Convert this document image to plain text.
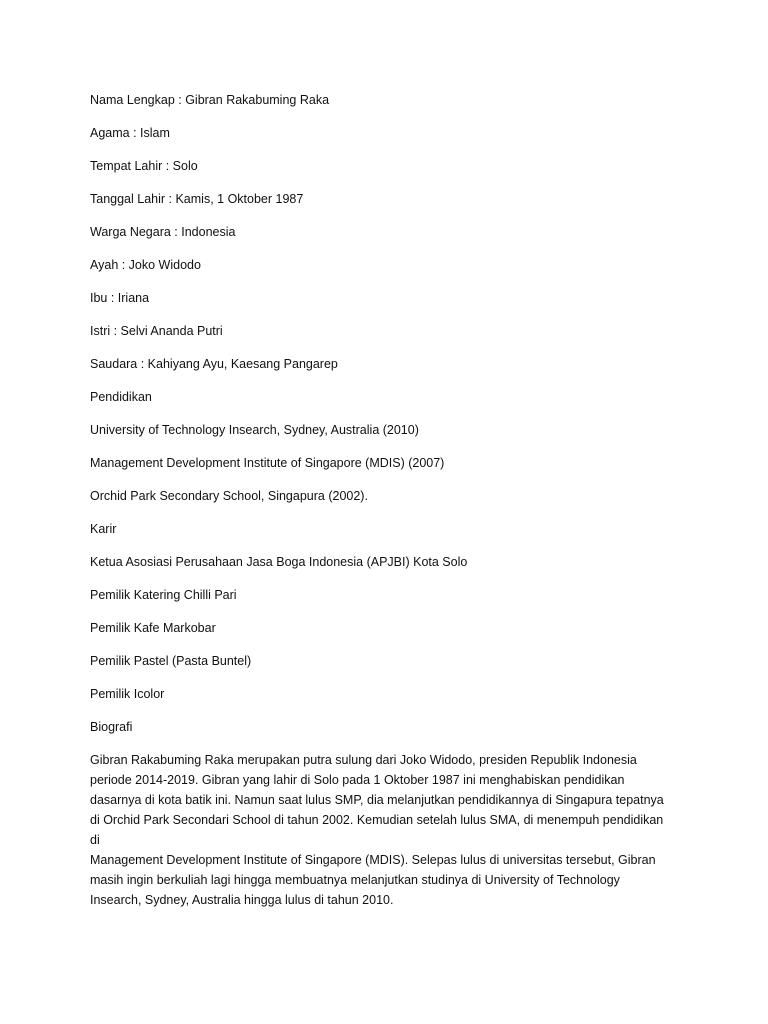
Nama Lengkap : Gibran Rakabuming Raka
Agama : Islam
Tempat Lahir : Solo
Tanggal Lahir : Kamis, 1 Oktober 1987
Warga Negara : Indonesia
Ayah : Joko Widodo
Ibu : Iriana
Istri : Selvi Ananda Putri
Saudara : Kahiyang Ayu, Kaesang Pangarep
Pendidikan
University of Technology Insearch, Sydney, Australia (2010)
Management Development Institute of Singapore (MDIS) (2007)
Orchid Park Secondary School, Singapura (2002).
Karir
Ketua Asosiasi Perusahaan Jasa Boga Indonesia (APJBI) Kota Solo
Pemilik Katering Chilli Pari
Pemilik Kafe Markobar
Pemilik Pastel (Pasta Buntel)
Pemilik Icolor
Biografi

Gibran Rakabuming Raka merupakan putra sulung dari Joko Widodo, presiden Republik Indonesia
periode 2014-2019. Gibran yang lahir di Solo pada 1 Oktober 1987 ini menghabiskan pendidikan
dasarnya di kota batik ini. Namun saat lulus SMP, dia melanjutkan pendidikannya di Singapura tepatnya
di Orchid Park Secondari School di tahun 2002. Kemudian setelah lulus SMA, di menempuh pendidikan di
Management Development Institute of Singapore (MDIS). Selepas lulus di universitas tersebut, Gibran
masih ingin berkuliah lagi hingga membuatnya melanjutkan studinya di University of Technology
Insearch, Sydney, Australia hingga lulus di tahun 2010.
